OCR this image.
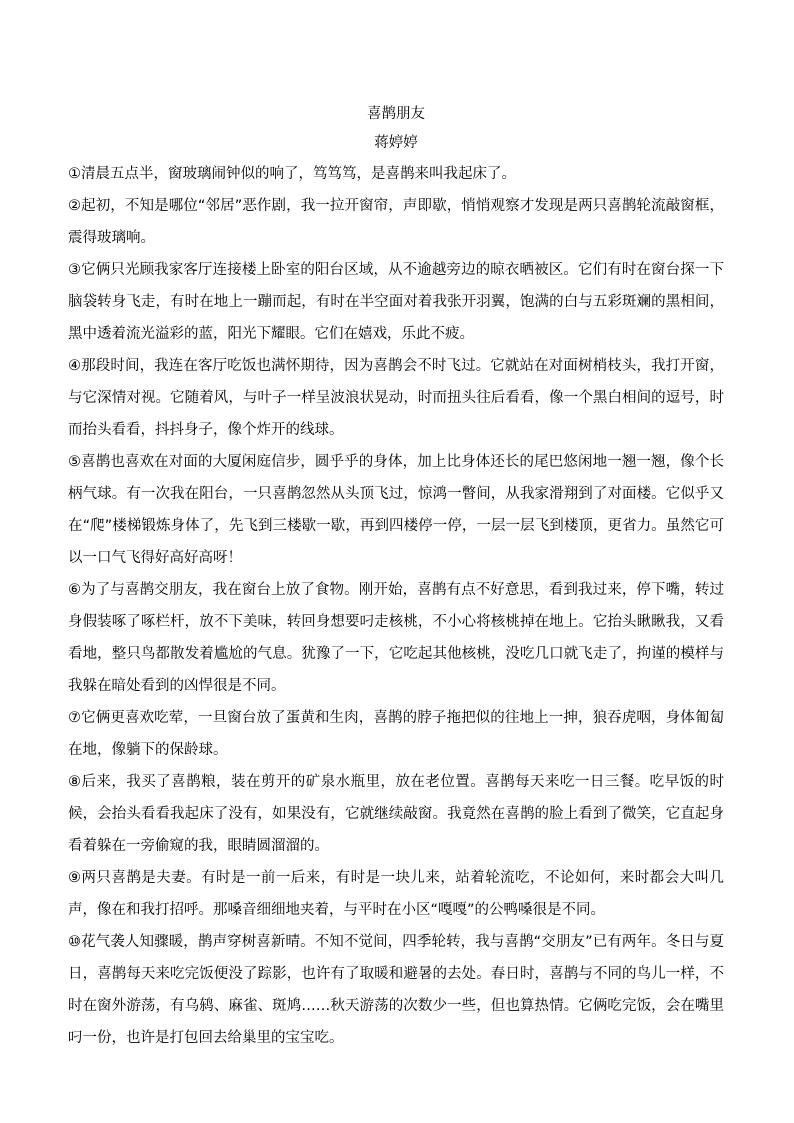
喜鹊朋友

蒋婷婷

①清晨五点半，窗玻璃闹钟似的响了，笃笃笃，是喜鹊来叫我起床了。

②起初，不知是哪位“邻居”恶作剧，我一拉开窗帘，声即歇，悄悄观察才发现是两只喜鹊轮流敲窗框，震得玻璃响。

③它俩只光顾我家客厅连接楼上卧室的阳台区域，从不逾越旁边的晾衣晒被区。它们有时在窗台探一下脑袋转身飞走，有时在地上一蹦而起，有时在半空面对着我张开羽翼，饱满的白与五彩斑斓的黑相间，黑中透着流光溢彩的蓝，阳光下耀眼。它们在嬉戏，乐此不疲。

④那段时间，我连在客厅吃饭也满怀期待，因为喜鹊会不时飞过。它就站在对面树梢枝头，我打开窗，与它深情对视。它随着风，与叶子一样呈波浪状晃动，时而扭头往后看看，像一个黑白相间的逗号，时而抬头看看，抖抖身子，像个炸开的线球。

⑤喜鹊也喜欢在对面的大厦闲庭信步，圆乎乎的身体，加上比身体还长的尾巴悠闲地一翘一翘，像个长柄气球。有一次我在阳台，一只喜鹊忽然从头顶飞过，惊鸿一瞥间，从我家滑翔到了对面楼。它似乎又在“爬”楼梯锻炼身体了，先飞到三楼歇一歇，再到四楼停一停，一层一层飞到楼顶，更省力。虽然它可以一口气飞得好高好高呀！

⑥为了与喜鹊交朋友，我在窗台上放了食物。刚开始，喜鹊有点不好意思，看到我过来，停下嘴，转过身假装啄了啄栏杆，放不下美味，转回身想要叼走核桃，不小心将核桃掉在地上。它抬头瞅瞅我，又看看地，整只鸟都散发着尴尬的气息。犹豫了一下，它吃起其他核桃，没吃几口就飞走了，拘谨的模样与我躲在暗处看到的凶悍很是不同。

⑦它俩更喜欢吃荤，一旦窗台放了蛋黄和生肉，喜鹊的脖子拖把似的往地上一抻，狼吞虎咽，身体匍匐在地，像躺下的保龄球。

⑧后来，我买了喜鹊粮，装在剪开的矿泉水瓶里，放在老位置。喜鹊每天来吃一日三餐。吃早饭的时候，会抬头看看我起床了没有，如果没有，它就继续敲窗。我竟然在喜鹊的脸上看到了微笑，它直起身看着躲在一旁偷窥的我，眼睛圆溜溜的。

⑨两只喜鹊是夫妻。有时是一前一后来，有时是一块儿来，站着轮流吃，不论如何，来时都会大叫几声，像在和我打招呼。那嗓音细细地夹着，与平时在小区“嘎嘎”的公鸭嗓很是不同。

⑩花气袭人知骤暖，鹊声穿树喜新晴。不知不觉间，四季轮转，我与喜鹊“交朋友”已有两年。冬日与夏日，喜鹊每天来吃完饭便没了踪影，也许有了取暖和避暑的去处。春日时，喜鹊与不同的鸟儿一样，不时在窗外游荡，有乌鸫、麻雀、斑鸠……秋天游荡的次数少一些，但也算热情。它俩吃完饭，会在嘴里叼一份，也许是打包回去给巢里的宝宝吃。
